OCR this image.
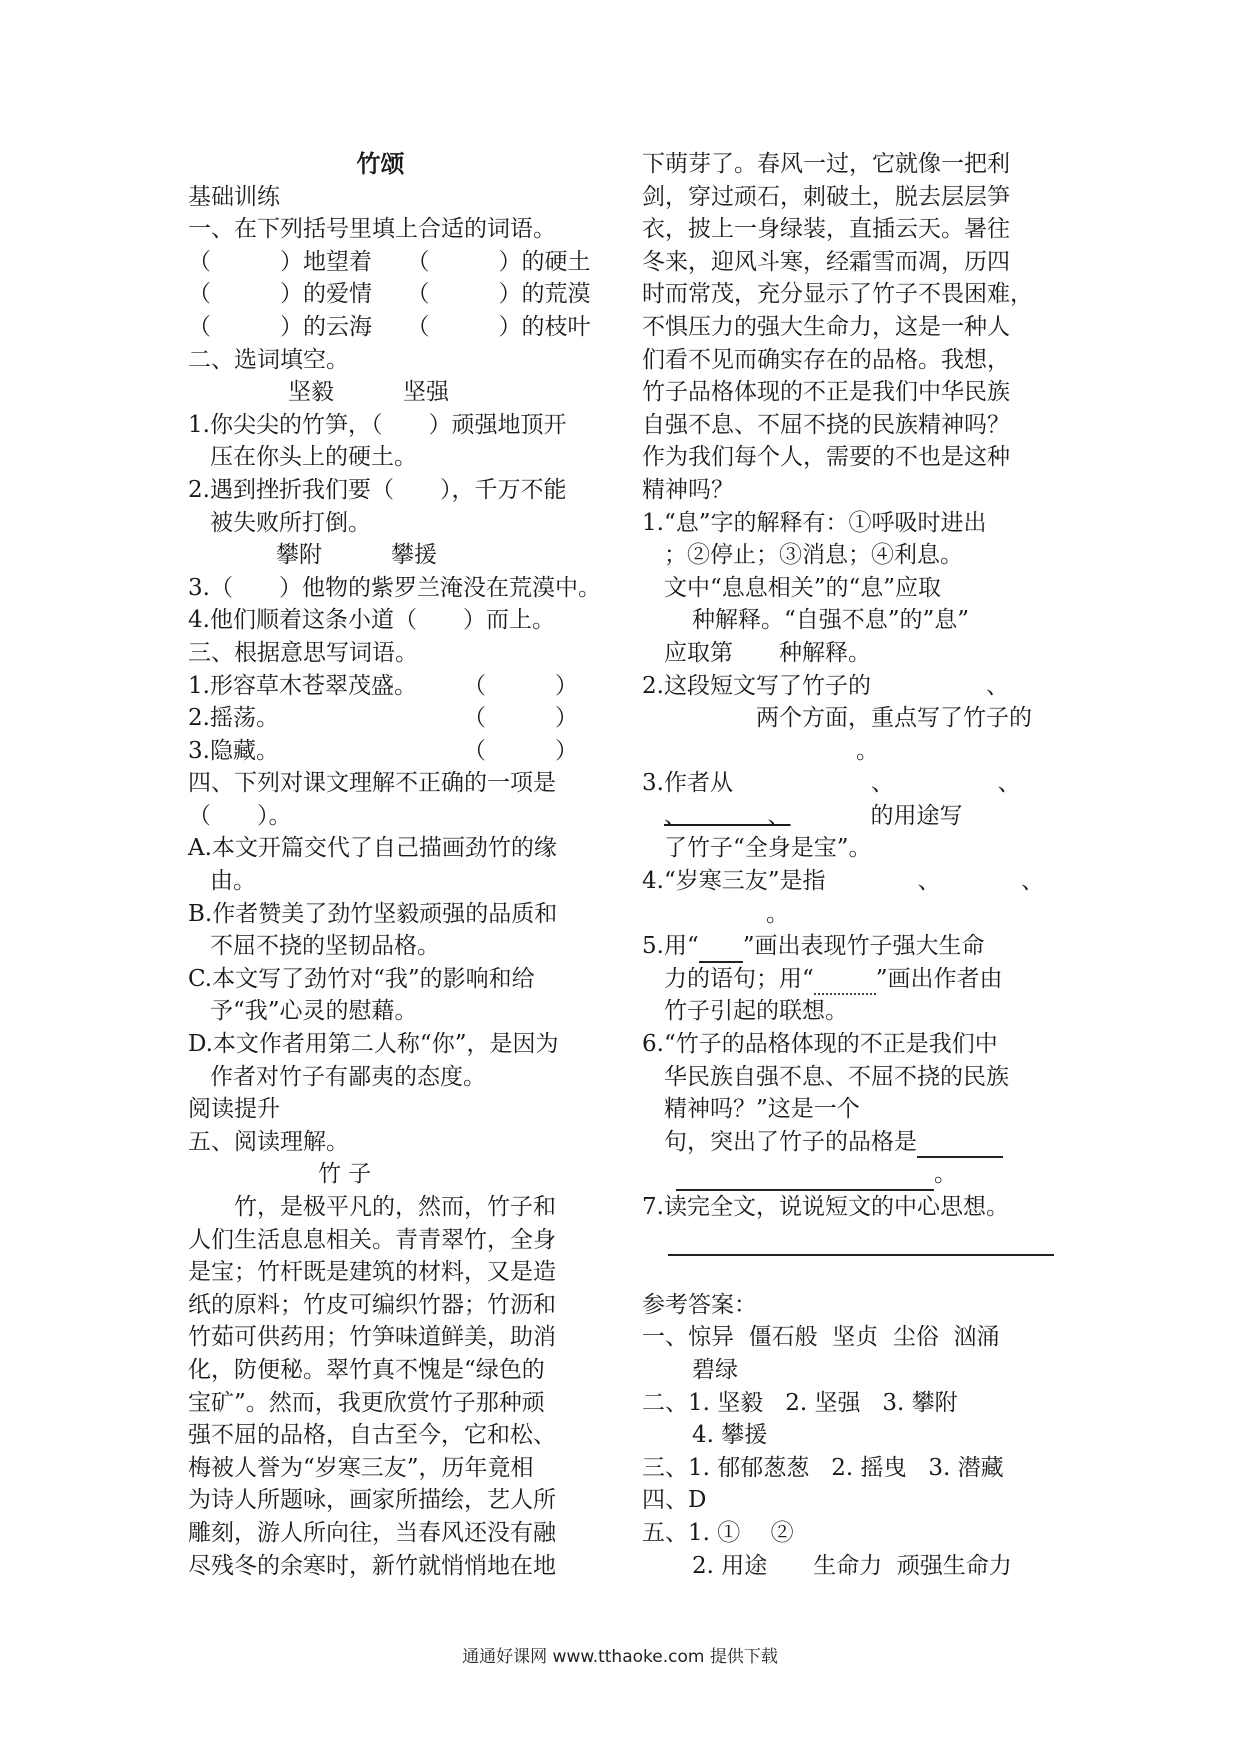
竹颂
基础训练
一、在下列括号里填上合适的词语。
（　　　）地望着　　（　　　）的硬土
（　　　）的爱情　　（　　　）的荒漠
（　　　）的云海　　（　　　）的枝叶
二、选词填空。
坚毅　　　坚强
1.你尖尖的竹笋，（　　）顽强地顶开
压在你头上的硬土。
2.遇到挫折我们要（　　），千万不能
被失败所打倒。
攀附　　　攀援
3.（　　）他物的紫罗兰淹没在荒漠中。
4.他们顺着这条小道（　　）而上。
三、根据意思写词语。
1.形容草木苍翠茂盛。　　　（　　　）
2.摇荡。　　　　　　　　　（　　　）
3.隐藏。　　　　　　　　　（　　　）
四、下列对课文理解不正确的一项是
（　　）。
A.本文开篇交代了自己描画劲竹的缘
由。
B.作者赞美了劲竹坚毅顽强的品质和
不屈不挠的坚韧品格。
C.本文写了劲竹对“我”的影响和给
予“我”心灵的慰藉。
D.本文作者用第二人称“你”，是因为
作者对竹子有鄙夷的态度。
阅读提升
五、阅读理解。
竹 子
　　竹，是极平凡的，然而，竹子和
人们生活息息相关。青青翠竹，全身
是宝；竹杆既是建筑的材料，又是造
纸的原料；竹皮可编织竹器；竹沥和
竹茹可供药用；竹笋味道鲜美，助消
化，防便秘。翠竹真不愧是“绿色的
宝矿”。然而，我更欣赏竹子那种顽
强不屈的品格，自古至今，它和松、
梅被人誉为“岁寒三友”，历年竟相
为诗人所题咏，画家所描绘，艺人所
雕刻，游人所向往，当春风还没有融
尽残冬的余寒时，新竹就悄悄地在地
下萌芽了。春风一过，它就像一把利
剑，穿过顽石，刺破土，脱去层层笋
衣，披上一身绿装，直插云天。暑往
冬来，迎风斗寒，经霜雪而凋，历四
时而常茂，充分显示了竹子不畏困难，
不惧压力的强大生命力，这是一种人
们看不见而确实存在的品格。我想，
竹子品格体现的不正是我们中华民族
自强不息、不屈不挠的民族精神吗？
作为我们每个人，需要的不也是这种
精神吗？
1.“息”字的解释有：①呼吸时进出
；②停止；③消息；④利息。
文中“息息相关”的“息”应取
种解释。“自强不息”的”息”
应取第　　种解释。
2.这段短文写了竹子的　　　　　、
两个方面，重点写了竹子的
。
3.作者从　　　　　　、　　　　　、
、　　　　、	的用途写
了竹子“全身是宝”。
4.“岁寒三友”是指　　　　、　　　　、
。
5.用“ ”画出表现竹子强大生命
力的语句；用“	”画出作者由
竹子引起的联想。
6.“竹子的品格体现的不正是我们中
华民族自强不息、不屈不挠的民族
精神吗？”这是一个
句，突出了竹子的品格是
。
7.读完全文，说说短文的中心思想。
参考答案：
一、惊异  僵石般  坚贞  尘俗  汹涌
碧绿
二、1. 坚毅   2. 坚强   3. 攀附
4. 攀援
三、1. 郁郁葱葱   2. 摇曳   3. 潜藏
四、D
五、1. ①　 ②
2. 用途　　生命力  顽强生命力
通通好课网 www.tthaoke.com 提供下载
